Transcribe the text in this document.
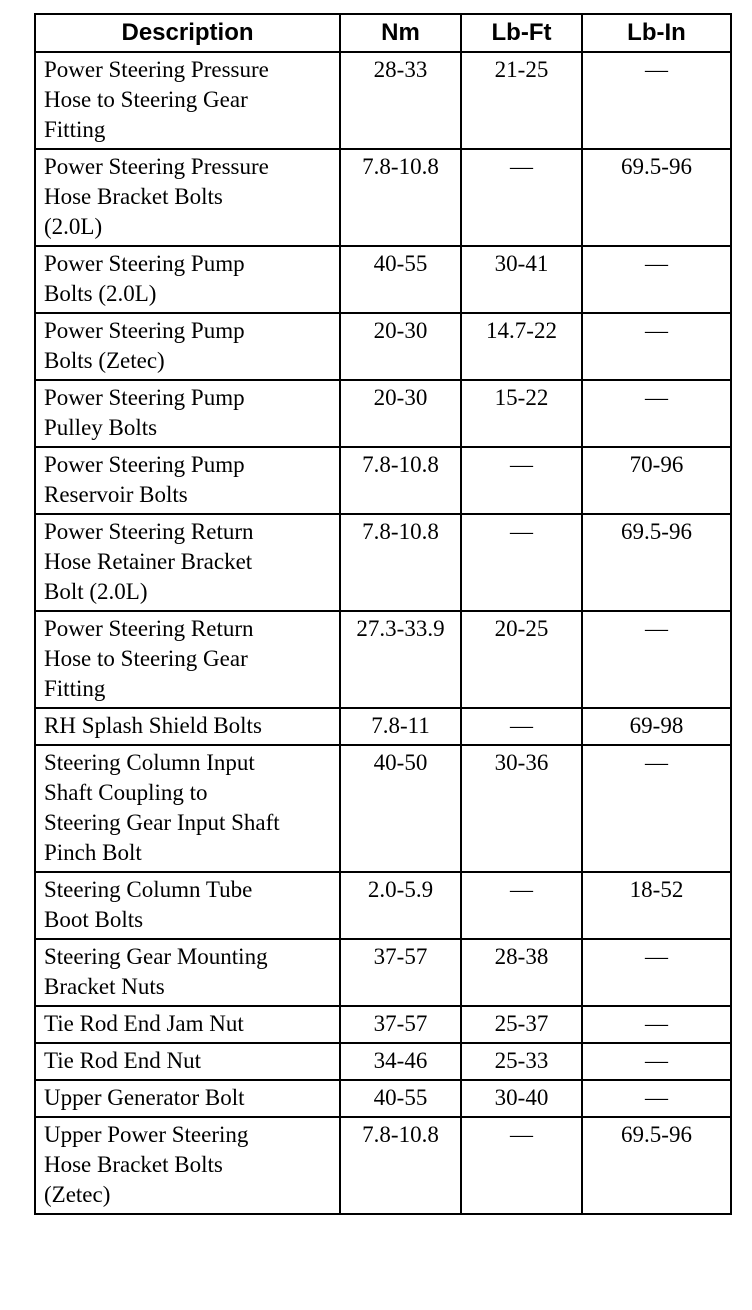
Description	Nm	Lb-Ft	Lb-In
Power Steering Pressure
Hose to Steering Gear
Fitting	28-33	21-25	—
Power Steering Pressure
Hose Bracket Bolts
(2.0L)	7.8-10.8	—	69.5-96
Power Steering Pump
Bolts (2.0L)	40-55	30-41	—
Power Steering Pump
Bolts (Zetec)	20-30	14.7-22	—
Power Steering Pump
Pulley Bolts	20-30	15-22	—
Power Steering Pump
Reservoir Bolts	7.8-10.8	—	70-96
Power Steering Return
Hose Retainer Bracket
Bolt (2.0L)	7.8-10.8	—	69.5-96
Power Steering Return
Hose to Steering Gear
Fitting	27.3-33.9	20-25	—
RH Splash Shield Bolts	7.8-11	—	69-98
Steering Column Input
Shaft Coupling to
Steering Gear Input Shaft
Pinch Bolt	40-50	30-36	—
Steering Column Tube
Boot Bolts	2.0-5.9	—	18-52
Steering Gear Mounting
Bracket Nuts	37-57	28-38	—
Tie Rod End Jam Nut	37-57	25-37	—
Tie Rod End Nut	34-46	25-33	—
Upper Generator Bolt	40-55	30-40	—
Upper Power Steering
Hose Bracket Bolts
(Zetec)	7.8-10.8	—	69.5-96
